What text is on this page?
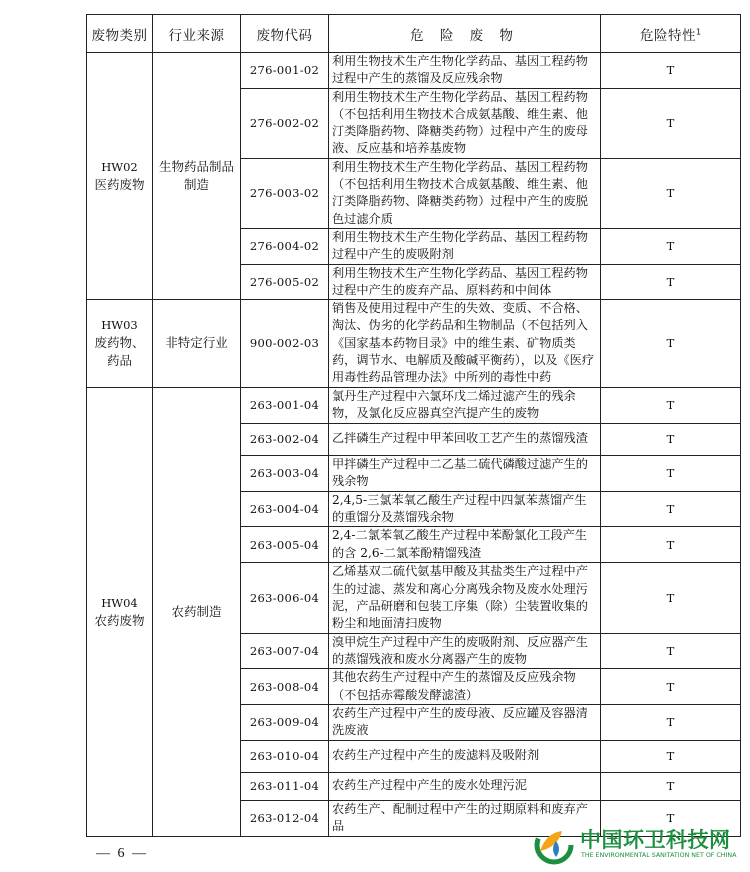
废物类别	行业来源	废物代码	危 险 废 物	危险特性$^1$
HW02
医药废物	生物药品制品制造	276-001-02	利用生物技术生产生物化学药品、基因工程药物过程中产生的蒸馏及反应残余物	T
		276-002-02	利用生物技术生产生物化学药品、基因工程药物（不包括利用生物技术合成氨基酸、维生素、他汀类降脂药物、降糖类药物）过程中产生的废母液、反应基和培养基废物	T
		276-003-02	利用生物技术生产生物化学药品、基因工程药物（不包括利用生物技术合成氨基酸、维生素、他汀类降脂药物、降糖类药物）过程中产生的废脱色过滤介质	T
		276-004-02	利用生物技术生产生物化学药品、基因工程药物过程中产生的废吸附剂	T
		276-005-02	利用生物技术生产生物化学药品、基因工程药物过程中产生的废弃产品、原料药和中间体	T
HW03
废药物、药品	非特定行业	900-002-03	销售及使用过程中产生的失效、变质、不合格、淘汰、伪劣的化学药品和生物制品（不包括列入《国家基本药物目录》中的维生素、矿物质类药，调节水、电解质及酸碱平衡药），以及《医疗用毒性药品管理办法》中所列的毒性中药	T
HW04
农药废物	农药制造	263-001-04	氯丹生产过程中六氯环戊二烯过滤产生的残余物，及氯化反应器真空汽提产生的废物	T
		263-002-04	乙拌磷生产过程中甲苯回收工艺产生的蒸馏残渣	T
		263-003-04	甲拌磷生产过程中二乙基二硫代磷酸过滤产生的残余物	T
		263-004-04	2,4,5-三氯苯氧乙酸生产过程中四氯苯蒸馏产生的重馏分及蒸馏残余物	T
		263-005-04	2,4-二氯苯氧乙酸生产过程中苯酚氯化工段产生的含 2,6-二氯苯酚精馏残渣	T
		263-006-04	乙烯基双二硫代氨基甲酸及其盐类生产过程中产生的过滤、蒸发和离心分离残余物及废水处理污泥，产品研磨和包装工序集（除）尘装置收集的粉尘和地面清扫废物	T
		263-007-04	溴甲烷生产过程中产生的废吸附剂、反应器产生的蒸馏残液和废水分离器产生的废物	T
		263-008-04	其他农药生产过程中产生的蒸馏及反应残余物（不包括赤霉酸发酵滤渣）	T
		263-009-04	农药生产过程中产生的废母液、反应罐及容器清洗废液	T
		263-010-04	农药生产过程中产生的废滤料及吸附剂	T
		263-011-04	农药生产过程中产生的废水处理污泥	T
		263-012-04	农药生产、配制过程中产生的过期原料和废弃产品	T
— 6 —
中国环卫科技网
THE ENVIRONMENTAL SANITATION NET OF CHINA
